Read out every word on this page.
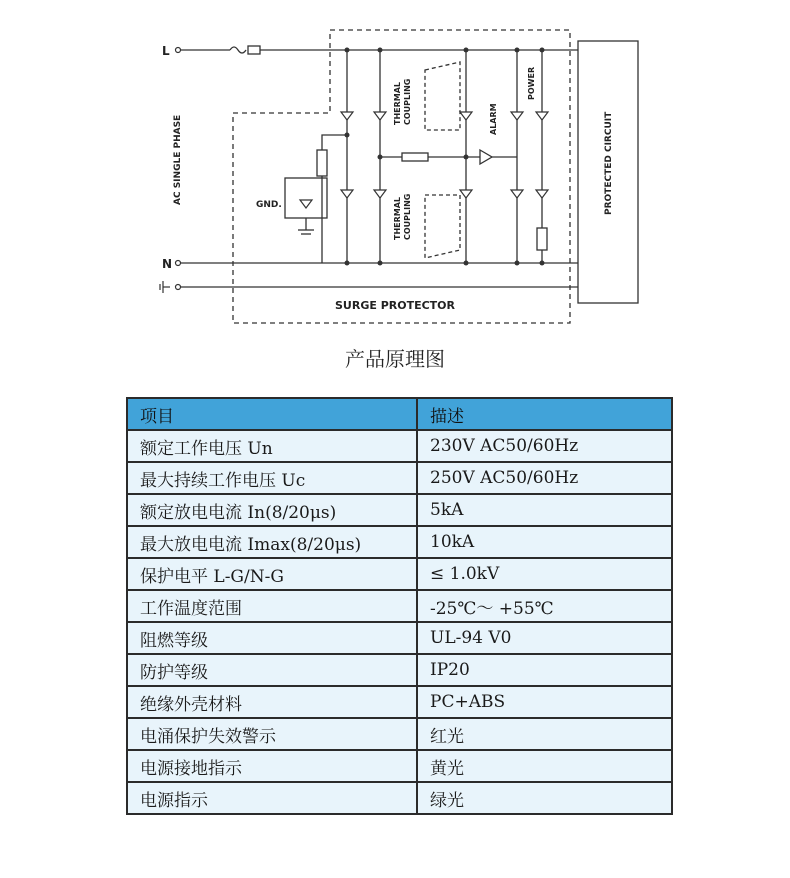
L
N
AC SINGLE PHASE	GND.
THERMAL COUPLING
THERMAL COUPLING
ALARM
POWER
PROTECTED CIRCUIT
SURGE PROTECTOR
产品原理图
项目	描述
额定工作电压 Un	230V AC50/60Hz
最大持续工作电压 Uc	250V AC50/60Hz
额定放电电流 In(8/20μs)	5kA
最大放电电流 Imax(8/20μs)	10kA
保护电平 L-G/N-G	≤ 1.0kV
工作温度范围	-25℃～ +55℃
阻燃等级	UL-94 V0
防护等级	IP20
绝缘外壳材料	PC+ABS
电涌保护失效警示	红光
电源接地指示	黄光
电源指示	绿光
